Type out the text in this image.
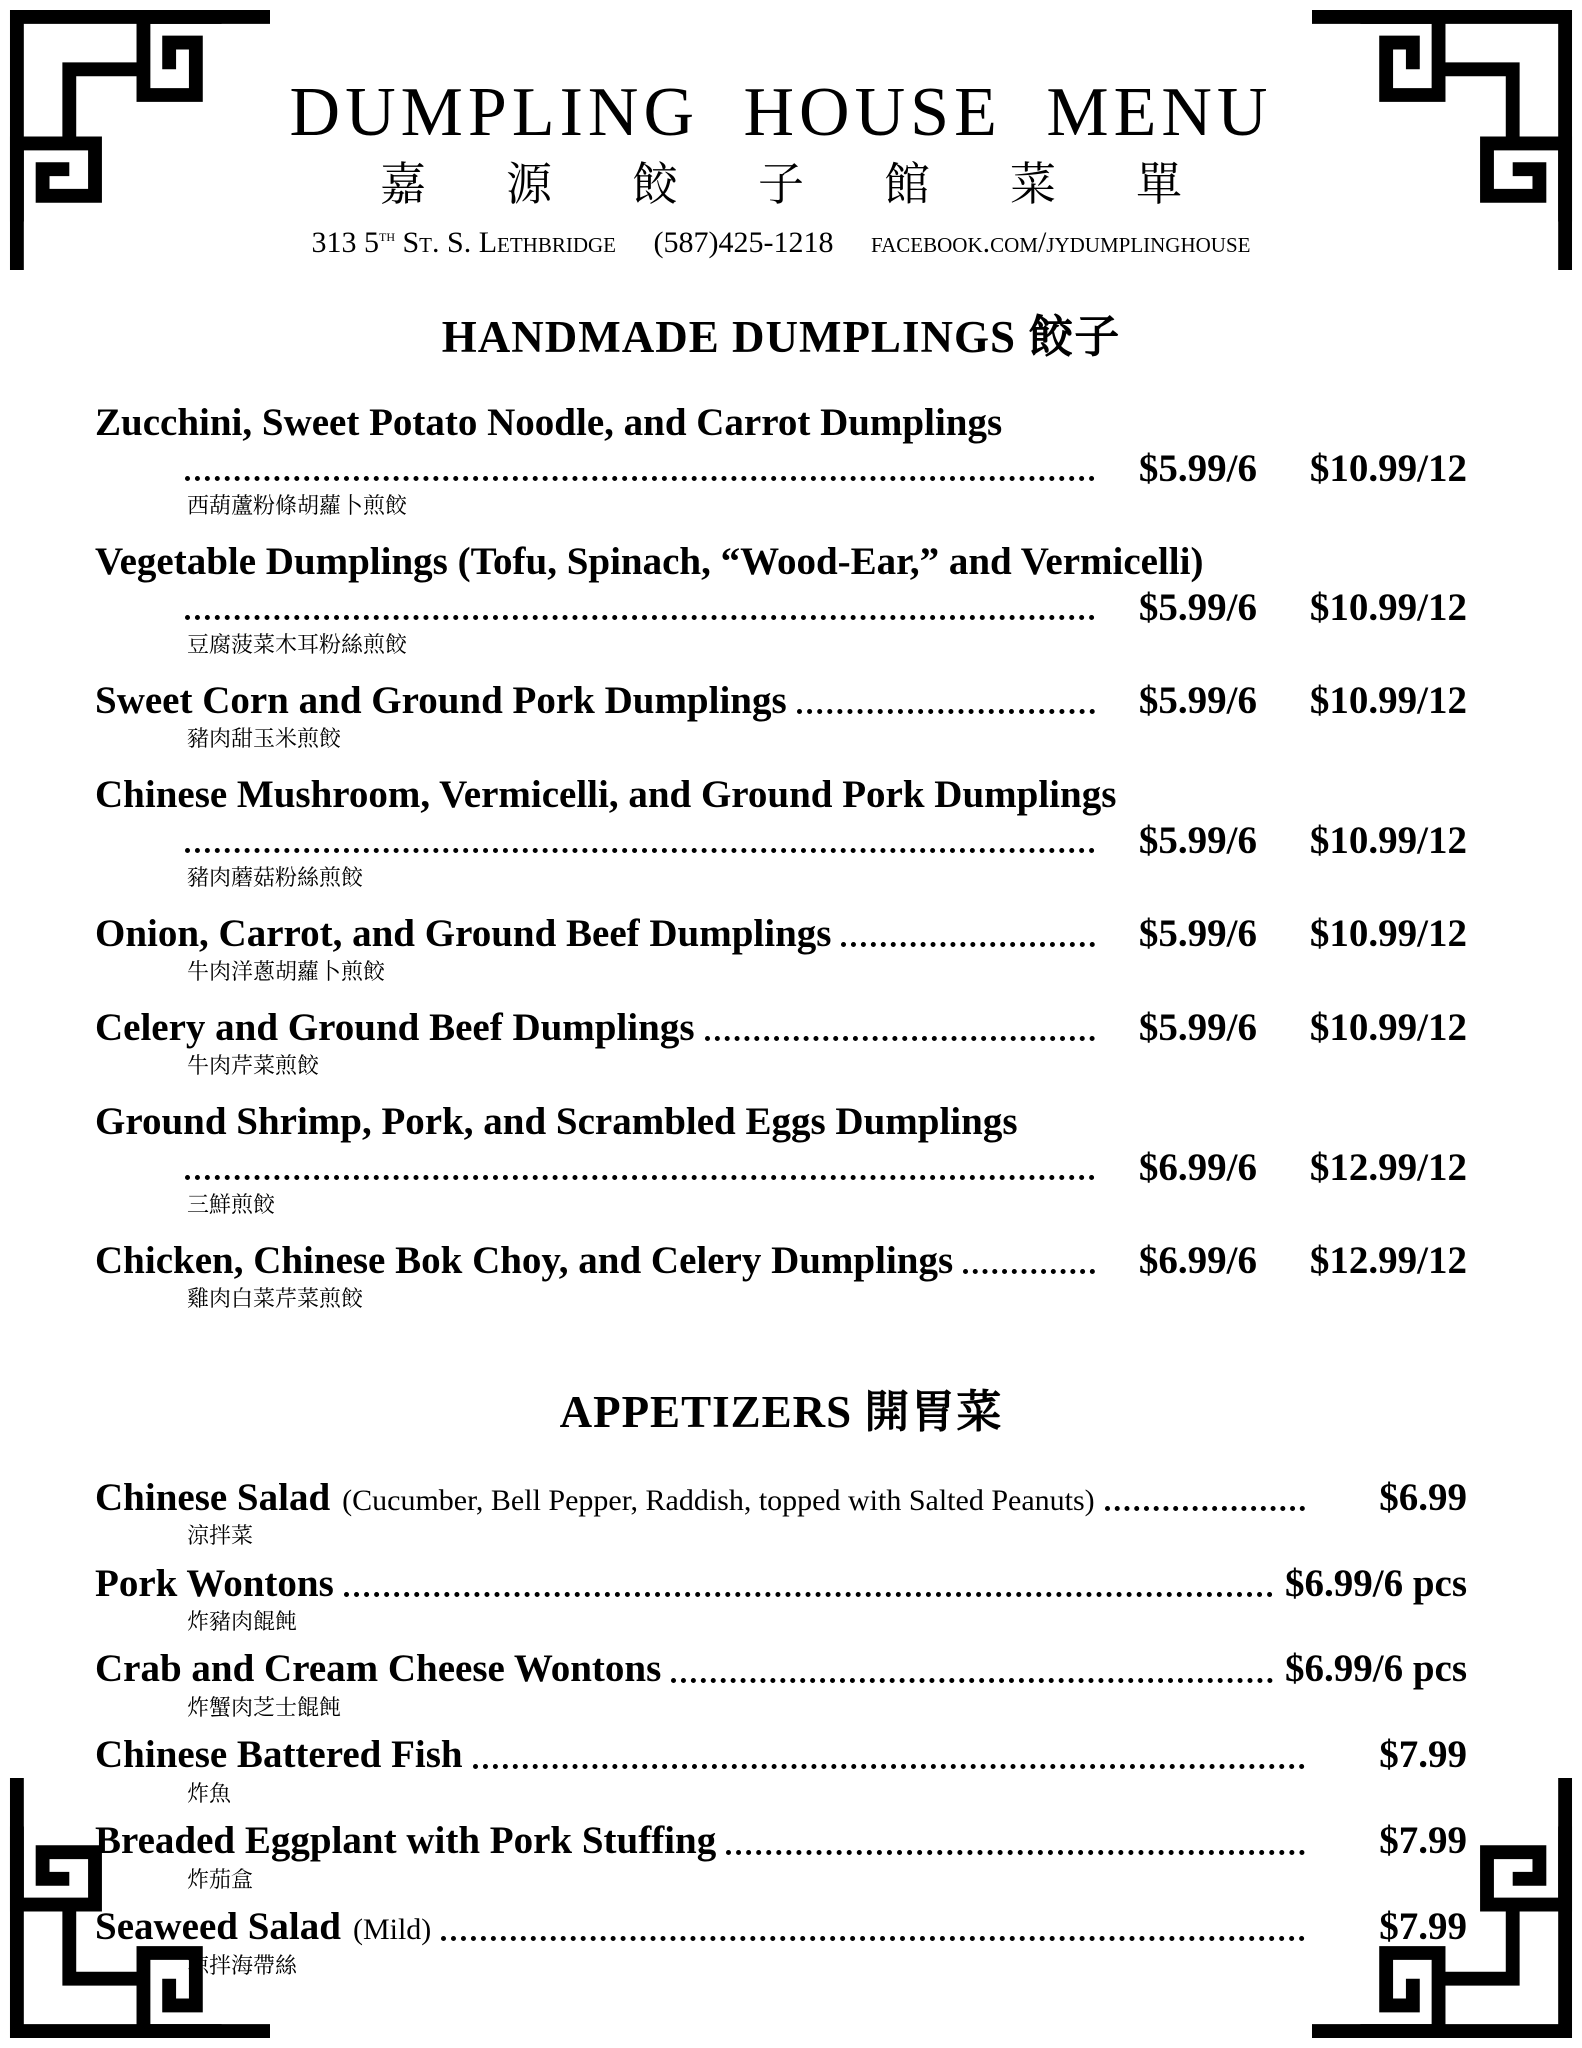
DUMPLING HOUSE MENU
嘉源餃子館菜單
313 5th St. S. Lethbridge (587)425-1218 facebook.com/jydumplinghouse
HANDMADE DUMPLINGS 餃子
Zucchini, Sweet Potato Noodle, and Carrot Dumplings
$5.99/6	$10.99/12
西葫蘆粉條胡蘿卜煎餃
Vegetable Dumplings (Tofu, Spinach, “Wood-Ear,” and Vermicelli)
$5.99/6	$10.99/12
豆腐菠菜木耳粉絲煎餃
Sweet Corn and Ground Pork Dumplings	$5.99/6	$10.99/12
豬肉甜玉米煎餃
Chinese Mushroom, Vermicelli, and Ground Pork Dumplings
$5.99/6	$10.99/12
豬肉蘑菇粉絲煎餃
Onion, Carrot, and Ground Beef Dumplings	$5.99/6	$10.99/12
牛肉洋蔥胡蘿卜煎餃
Celery and Ground Beef Dumplings	$5.99/6	$10.99/12
牛肉芹菜煎餃
Ground Shrimp, Pork, and Scrambled Eggs Dumplings
$6.99/6	$12.99/12
三鮮煎餃
Chicken, Chinese Bok Choy, and Celery Dumplings	$6.99/6	$12.99/12
雞肉白菜芹菜煎餃
APPETIZERS 開胃菜
Chinese Salad (Cucumber, Bell Pepper, Raddish, topped with Salted Peanuts)	$6.99
涼拌菜
Pork Wontons	$6.99/6 pcs
炸豬肉餛飩
Crab and Cream Cheese Wontons	$6.99/6 pcs
炸蟹肉芝士餛飩
Chinese Battered Fish	$7.99
炸魚
Breaded Eggplant with Pork Stuffing	$7.99
炸茄盒
Seaweed Salad (Mild)	$7.99
涼拌海帶絲
